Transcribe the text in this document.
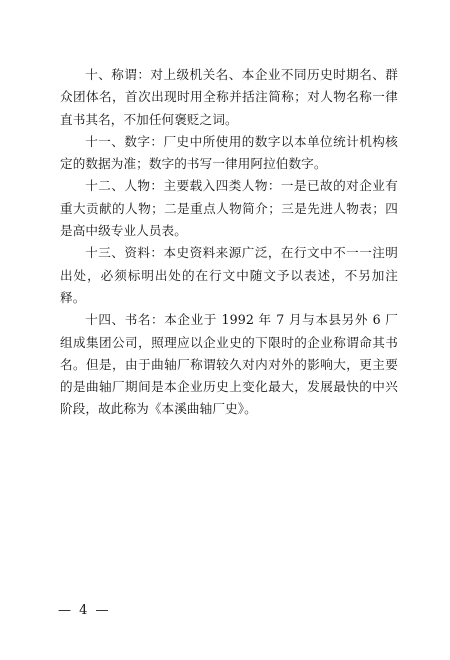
十、称谓：对上级机关名、本企业不同历史时期名、群众团体名，首次出现时用全称并括注简称；对人物名称一律直书其名，不加任何褒贬之词。

十一、数字：厂史中所使用的数字以本单位统计机构核定的数据为准；数字的书写一律用阿拉伯数字。

十二、人物：主要载入四类人物：一是已故的对企业有重大贡献的人物；二是重点人物简介；三是先进人物表；四是高中级专业人员表。

十三、资料：本史资料来源广泛，在行文中不一一注明出处，必须标明出处的在行文中随文予以表述，不另加注释。

十四、书名：本企业于 1992 年 7 月与本县另外 6 厂组成集团公司，照理应以企业史的下限时的企业称谓命其书名。但是，由于曲轴厂称谓较久对内对外的影响大，更主要的是曲轴厂期间是本企业历史上变化最大，发展最快的中兴阶段，故此称为《本溪曲轴厂史》。

— 4 —
